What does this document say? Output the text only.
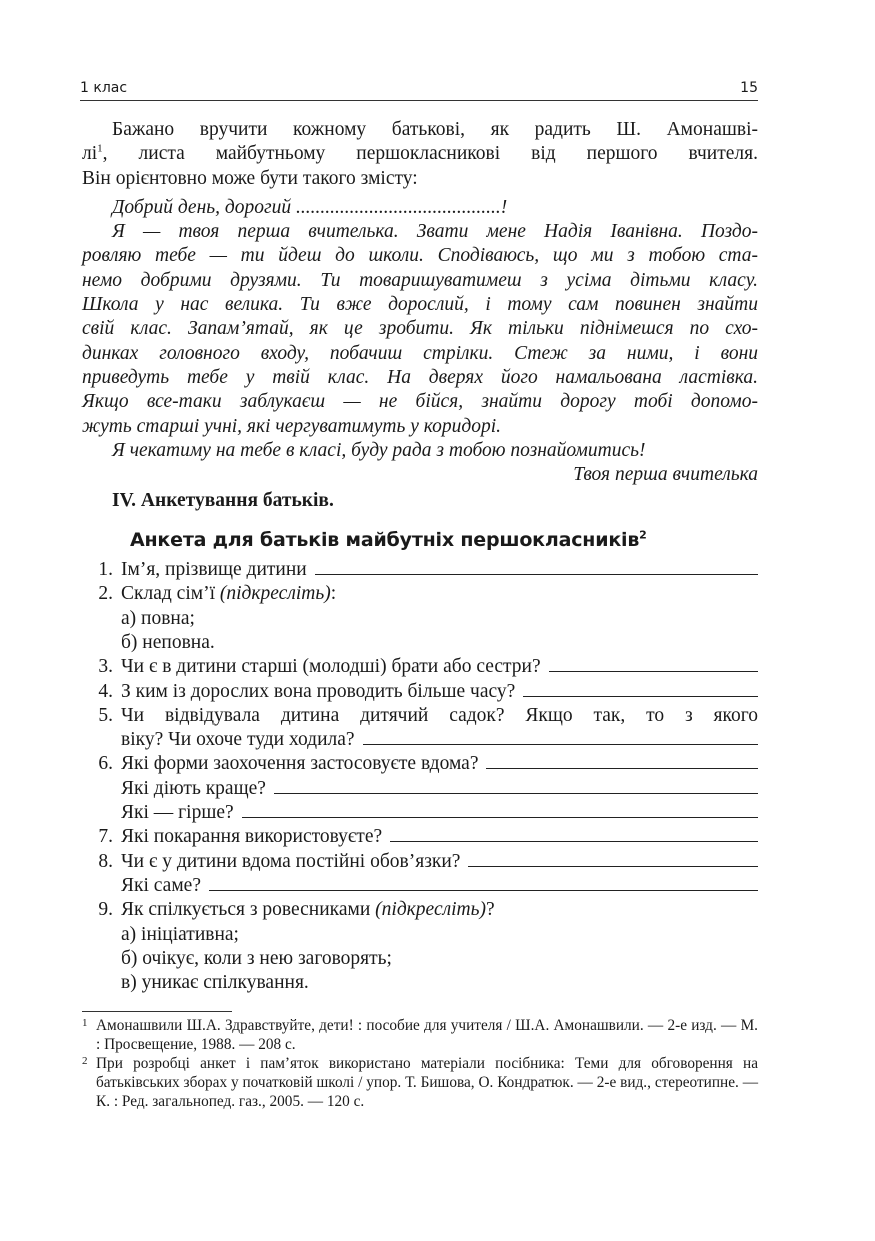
1 клас	15

Бажано вручити кожному батькові, як радить Ш. Амонашві-

$лі^1$, листа майбутньому першокласникові від першого вчителя.

Він орієнтовно може бути такого змісту:

Добрий день, дорогий ..........................................!

Я — твоя перша вчителька. Звати мене Надія Іванівна. Поздо-

ровляю тебе — ти йдеш до школи. Сподіваюсь, що ми з тобою ста-

немо добрими друзями. Ти товаришуватимеш з усіма дітьми класу.

Школа у нас велика. Ти вже дорослий, і тому сам повинен знайти

свій клас. Запам’ятай, як це зробити. Як тільки піднімешся по схо-

динках головного входу, побачиш стрілки. Стеж за ними, і вони

приведуть тебе у твій клас. На дверях його намальована ластівка.

Якщо все-таки заблукаєш — не бійся, знайти дорогу тобі допомо-

жуть старші учні, які чергуватимуть у коридорі.

Я чекатиму на тебе в класі, буду рада з тобою познайомитись!

Твоя перша вчителька

IV. Анкетування батьків.

Анкета для батьків майбутніх першокласників$^2$

1. Ім’я, прізвище дитини
2. Склад сім’ї (підкресліть):

а) повна;

б) неповна.

3. Чи є в дитини старші (молодші) брати або сестри?
4. З ким із дорослих вона проводить більше часу?
5. Чи відвідувала дитина дитячий садок? Якщо так, то з якого

віку? Чи охоче туди ходила?
6. Які форми заохочення застосовуєте вдома?
Які діють краще?
Які — гірше?
7. Які покарання використовуєте?
8. Чи є у дитини вдома постійні обов’язки?
Які саме?
9. Як спілкується з ровесниками (підкресліть)?

а) ініціативна;

б) очікує, коли з нею заговорять;

в) уникає спілкування.

1 Амонашвили Ш.А. Здравствуйте, дети! : пособие для учителя / Ш.А. Амонашвили. — 2-е изд. — М. : Просвещение, 1988. — 208 с.
2 При розробці анкет і пам’яток використано матеріали посібника: Теми для обговорення на батьківських зборах у початковій школі / упор. Т. Бишова, О. Кондратюк. — 2-е вид., стереотипне. — К. : Ред. загальнопед. газ., 2005. — 120 с.
